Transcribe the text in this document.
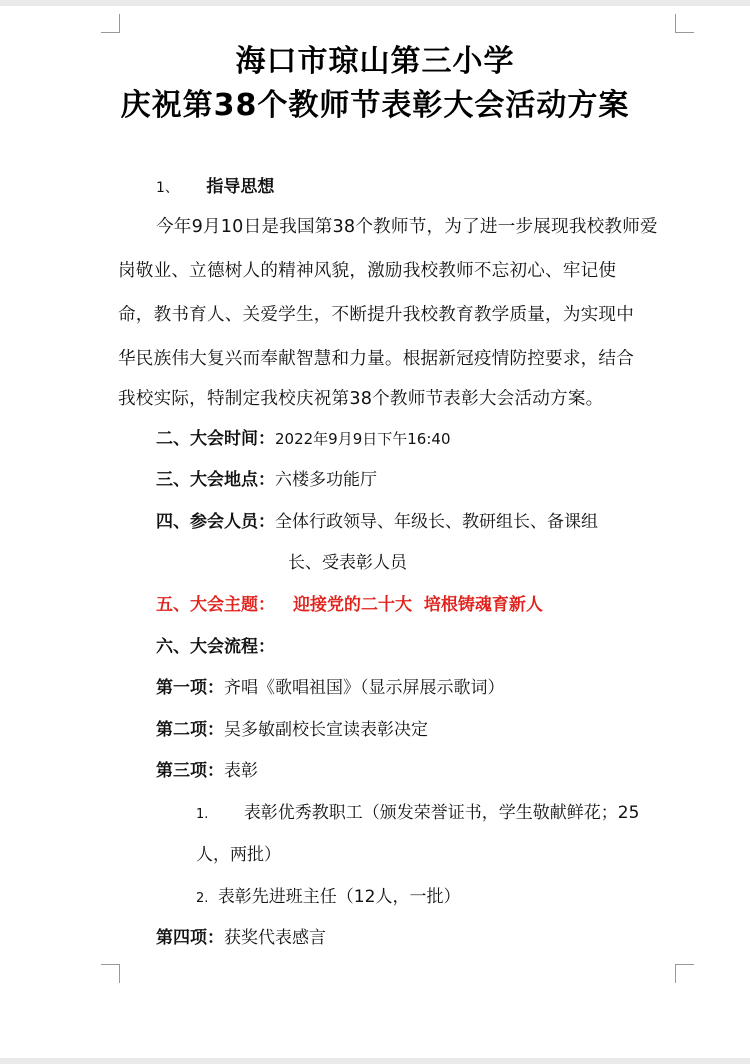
海口市琼山第三小学
庆祝第38个教师节表彰大会活动方案
1、 指导思想
今年9月10日是我国第38个教师节，为了进一步展现我校教师爱
岗敬业、立德树人的精神风貌，激励我校教师不忘初心、牢记使
命，教书育人、关爱学生，不断提升我校教育教学质量，为实现中
华民族伟大复兴而奉献智慧和力量。根据新冠疫情防控要求，结合
我校实际，特制定我校庆祝第38个教师节表彰大会活动方案。
二、大会时间：2022年9月9日下午16:40
三、大会地点：六楼多功能厅
四、参会人员：全体行政领导、年级长、教研组长、备课组
长、受表彰人员
五、大会主题： 迎接党的二十大  培根铸魂育新人
六、大会流程：
第一项：齐唱《歌唱祖国》（显示屏展示歌词）
第二项：吴多敏副校长宣读表彰决定
第三项：表彰
1. 表彰优秀教职工（颁发荣誉证书，学生敬献鲜花；25
人，两批）
2. 表彰先进班主任（12人，一批）
第四项：获奖代表感言
